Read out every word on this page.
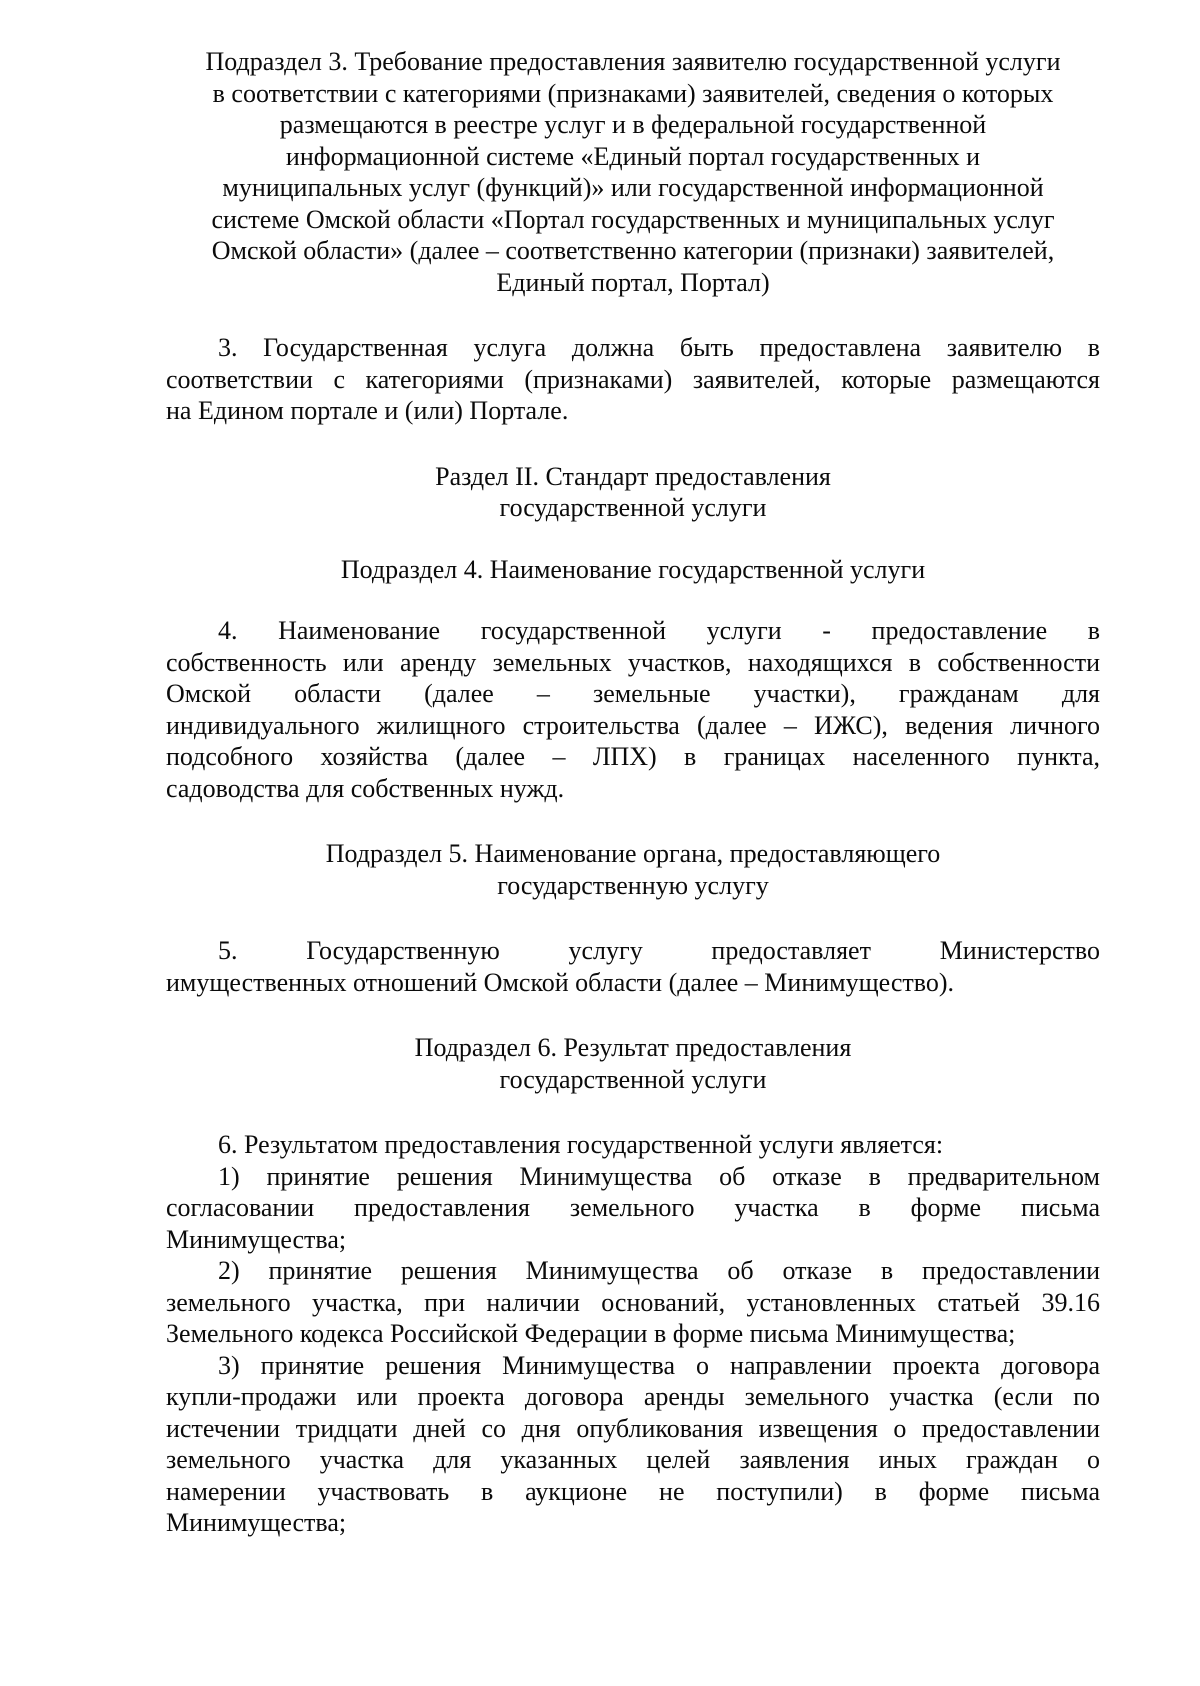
Подраздел 3. Требование предоставления заявителю государственной услуги
в соответствии с категориями (признаками) заявителей, сведения о которых
размещаются в реестре услуг и в федеральной государственной
информационной системе «Единый портал государственных и
муниципальных услуг (функций)» или государственной информационной
системе Омской области «Портал государственных и муниципальных услуг
Омской области» (далее – соответственно категории (признаки) заявителей,
Единый портал, Портал)
3. Государственная услуга должна быть предоставлена заявителю в
соответствии с категориями (признаками) заявителей, которые размещаются
на Едином портале и (или) Портале.
Раздел II. Стандарт предоставления
государственной услуги
Подраздел 4. Наименование государственной услуги
4. Наименование государственной услуги - предоставление в
собственность или аренду земельных участков, находящихся в собственности
Омской области (далее – земельные участки), гражданам для
индивидуального жилищного строительства (далее – ИЖС), ведения личного
подсобного хозяйства (далее – ЛПХ) в границах населенного пункта,
садоводства для собственных нужд.
Подраздел 5. Наименование органа, предоставляющего
государственную услугу
5. Государственную услугу предоставляет Министерство
имущественных отношений Омской области (далее – Минимущество).
Подраздел 6. Результат предоставления
государственной услуги
6. Результатом предоставления государственной услуги является:
1) принятие решения Минимущества об отказе в предварительном
согласовании предоставления земельного участка в форме письма
Минимущества;
2) принятие решения Минимущества об отказе в предоставлении
земельного участка, при наличии оснований, установленных статьей 39.16
Земельного кодекса Российской Федерации в форме письма Минимущества;
3) принятие решения Минимущества о направлении проекта договора
купли-продажи или проекта договора аренды земельного участка (если по
истечении тридцати дней со дня опубликования извещения о предоставлении
земельного участка для указанных целей заявления иных граждан о
намерении участвовать в аукционе не поступили) в форме письма
Минимущества;
